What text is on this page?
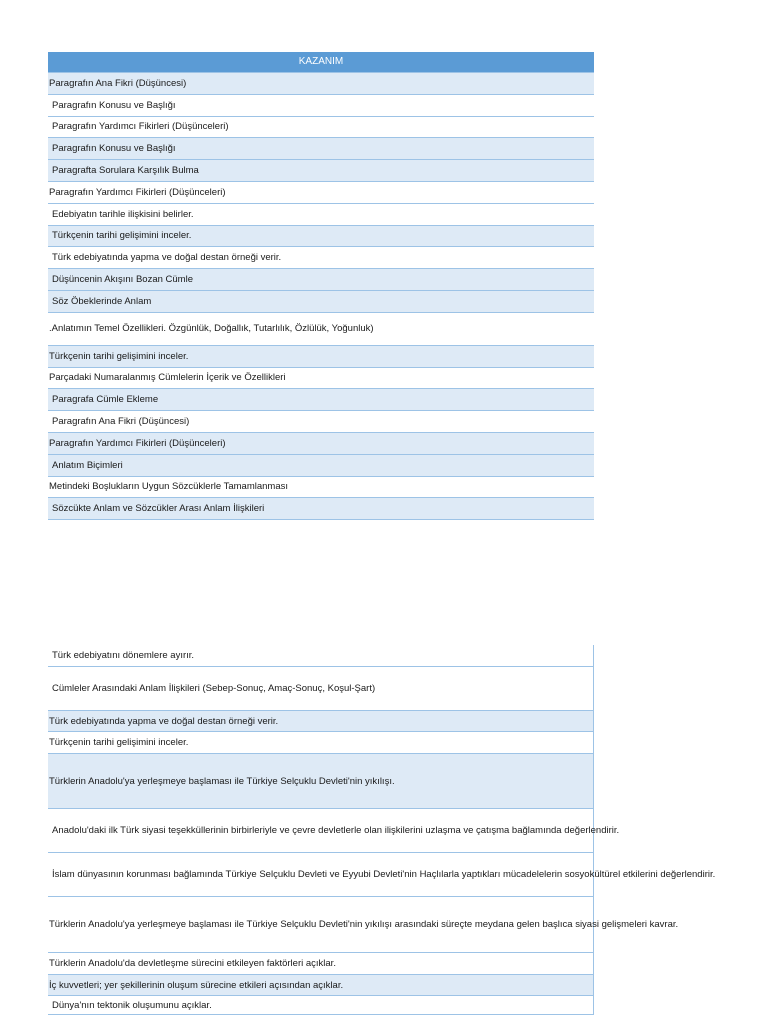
KAZANIM
Paragrafın Ana Fikri (Düşüncesi)
Paragrafın Konusu ve Başlığı
Paragrafın Yardımcı Fikirleri (Düşünceleri)
Paragrafın Konusu ve Başlığı
Paragrafta Sorulara Karşılık Bulma
Paragrafın Yardımcı Fikirleri (Düşünceleri)
Edebiyatın tarihle ilişkisini belirler.
Türkçenin tarihi gelişimini inceler.
Türk edebiyatında yapma ve doğal destan örneği verir.
Düşüncenin Akışını Bozan Cümle
Söz Öbeklerinde Anlam
.Anlatımın Temel Özellikleri. Özgünlük, Doğallık, Tutarlılık, Özlülük, Yoğunluk)
Türkçenin tarihi gelişimini inceler.
Parçadaki Numaralanmış Cümlelerin İçerik ve Özellikleri
Paragrafa Cümle Ekleme
Paragrafın Ana Fikri (Düşüncesi)
Paragrafın Yardımcı Fikirleri (Düşünceleri)
Anlatım Biçimleri
Metindeki Boşlukların Uygun Sözcüklerle Tamamlanması
Sözcükte Anlam ve Sözcükler Arası Anlam İlişkileri
Türk edebiyatını dönemlere ayırır.
Cümleler Arasındaki Anlam İlişkileri (Sebep-Sonuç, Amaç-Sonuç, Koşul-Şart)
Türk edebiyatında yapma ve doğal destan örneği verir.
Türkçenin tarihi gelişimini inceler.
Türklerin Anadolu'ya yerleşmeye başlaması ile Türkiye Selçuklu Devleti'nin yıkılışı.
Anadolu'daki ilk Türk siyasi teşekküllerinin birbirleriyle ve çevre devletlerle olan ilişkilerini uzlaşma ve çatışma bağlamında değerlendirir.
İslam dünyasının korunması bağlamında Türkiye Selçuklu Devleti ve Eyyubi Devleti'nin Haçlılarla yaptıkları mücadelelerin sosyokültürel etkilerini değerlendirir.
Türklerin Anadolu'ya yerleşmeye başlaması ile Türkiye Selçuklu Devleti'nin yıkılışı arasındaki süreçte meydana gelen başlıca siyasi gelişmeleri kavrar.
Türklerin Anadolu'da devletleşme sürecini etkileyen faktörleri açıklar.
İç kuvvetleri; yer şekillerinin oluşum sürecine etkileri açısından açıklar.
Dünya'nın tektonik oluşumunu açıklar.
